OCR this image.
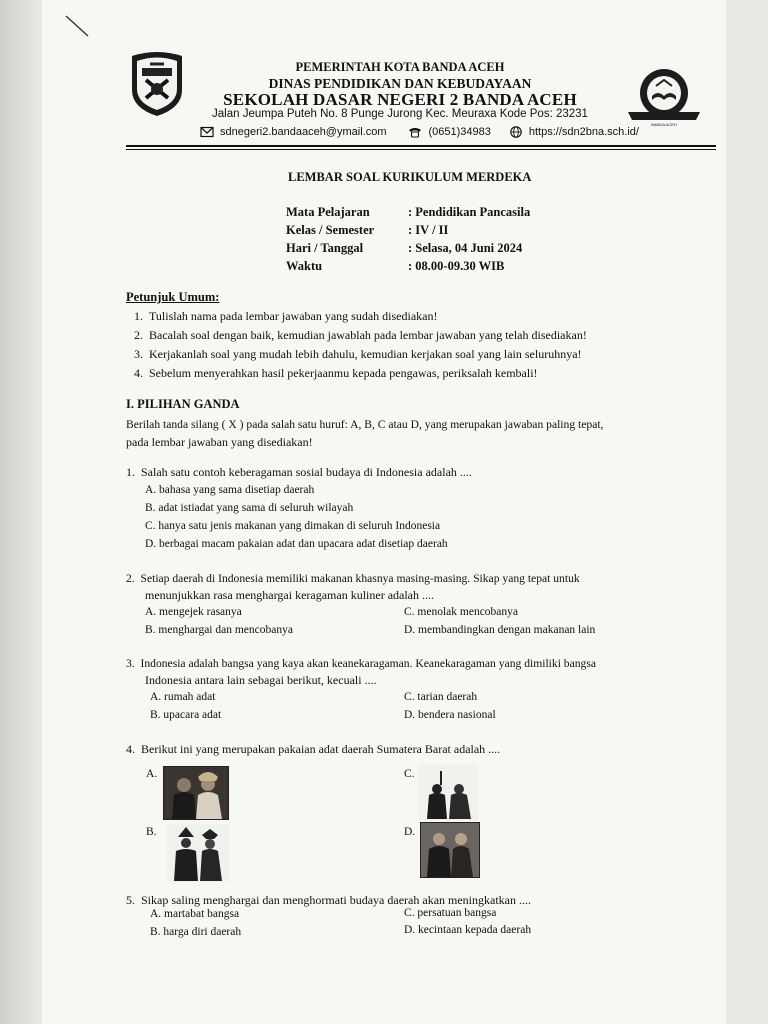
PEMERINTAH KOTA BANDA ACEH
DINAS PENDIDIKAN DAN KEBUDAYAAN
SEKOLAH DASAR NEGERI 2 BANDA ACEH
Jalan Jeumpa Puteh No. 8 Punge Jurong Kec. Meuraxa Kode Pos: 23231
sdnegeri2.bandaaceh@ymail.com	(0651)34983	https://sdn2bna.sch.id/
BANDA ACEH
LEMBAR SOAL KURIKULUM MERDEKA
Mata Pelajaran	: Pendidikan Pancasila
Kelas / Semester	: IV / II
Hari / Tanggal	: Selasa, 04 Juni 2024
Waktu	: 08.00-09.30 WIB
Petunjuk Umum:
1.  Tulislah nama pada lembar jawaban yang sudah disediakan!
2.  Bacalah soal dengan baik, kemudian jawablah pada lembar jawaban yang telah disediakan!
3.  Kerjakanlah soal yang mudah lebih dahulu, kemudian kerjakan soal yang lain seluruhnya!
4.  Sebelum menyerahkan hasil pekerjaanmu kepada pengawas, periksalah kembali!
I. PILIHAN GANDA
Berilah tanda silang ( X ) pada salah satu huruf: A, B, C atau D, yang merupakan jawaban paling tepat,
pada lembar jawaban yang disediakan!
1. Salah satu contoh keberagaman sosial budaya di Indonesia adalah ....
A. bahasa yang sama disetiap daerah
B. adat istiadat yang sama di seluruh wilayah
C. hanya satu jenis makanan yang dimakan di seluruh Indonesia
D. berbagai macam pakaian adat dan upacara adat disetiap daerah
2. Setiap daerah di Indonesia memiliki makanan khasnya masing-masing. Sikap yang tepat untuk
menunjukkan rasa menghargai keragaman kuliner adalah ....
A. mengejek rasanya	C. menolak mencobanya
B. menghargai dan mencobanya	D. membandingkan dengan makanan lain
3. Indonesia adalah bangsa yang kaya akan keanekaragaman. Keanekaragaman yang dimiliki bangsa
Indonesia antara lain sebagai berikut, kecuali ....
A. rumah adat	C. tarian daerah
B. upacara adat	D. bendera nasional
4. Berikut ini yang merupakan pakaian adat daerah Sumatera Barat adalah ....
A.	C.
B.	D.
5. Sikap saling menghargai dan menghormati budaya daerah akan meningkatkan ....
A. martabat bangsa	C. persatuan bangsa
B. harga diri daerah	D. kecintaan kepada daerah
